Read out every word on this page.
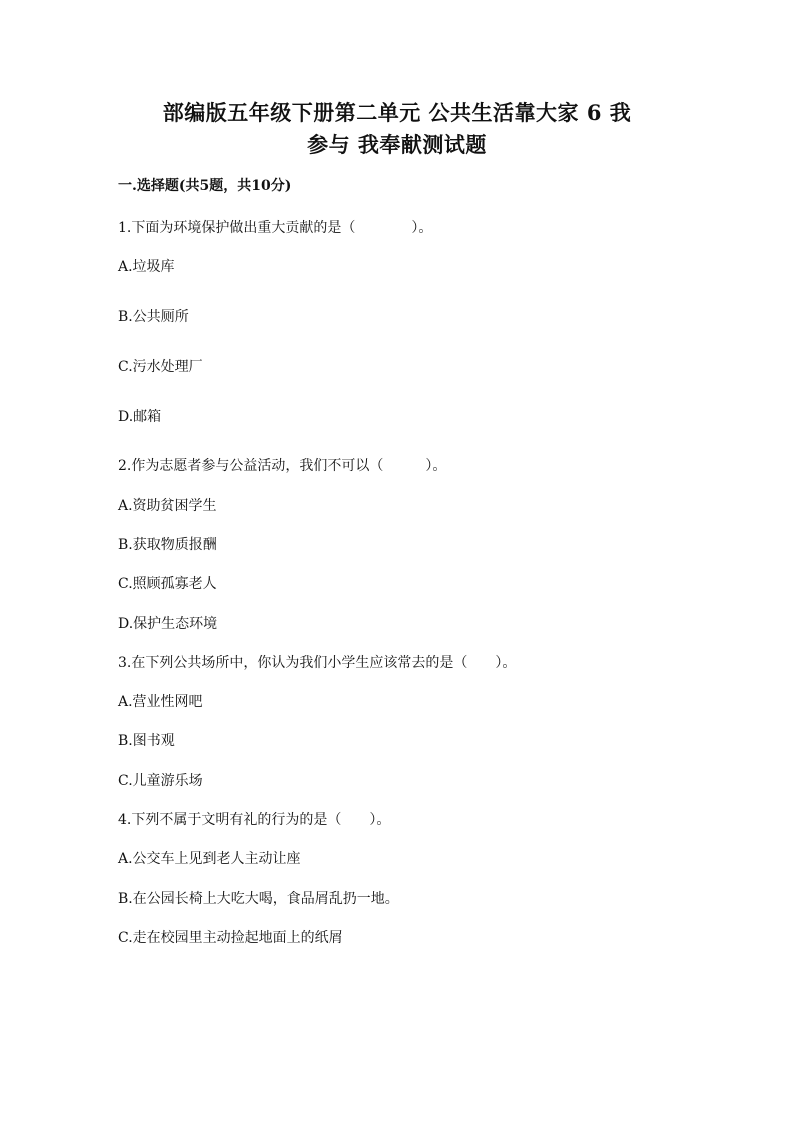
部编版五年级下册第二单元 公共生活靠大家 6 我
参与 我奉献测试题
一.选择题(共5题，共10分)
1.下面为环境保护做出重大贡献的是（　　　　）。
A.垃圾库
B.公共厕所
C.污水处理厂
D.邮箱
2.作为志愿者参与公益活动，我们不可以（　　　）。
A.资助贫困学生
B.获取物质报酬
C.照顾孤寡老人
D.保护生态环境
3.在下列公共场所中，你认为我们小学生应该常去的是（　　）。
A.营业性网吧
B.图书观
C.儿童游乐场
4.下列不属于文明有礼的行为的是（　　）。
A.公交车上见到老人主动让座
B.在公园长椅上大吃大喝，食品屑乱扔一地。
C.走在校园里主动捡起地面上的纸屑
